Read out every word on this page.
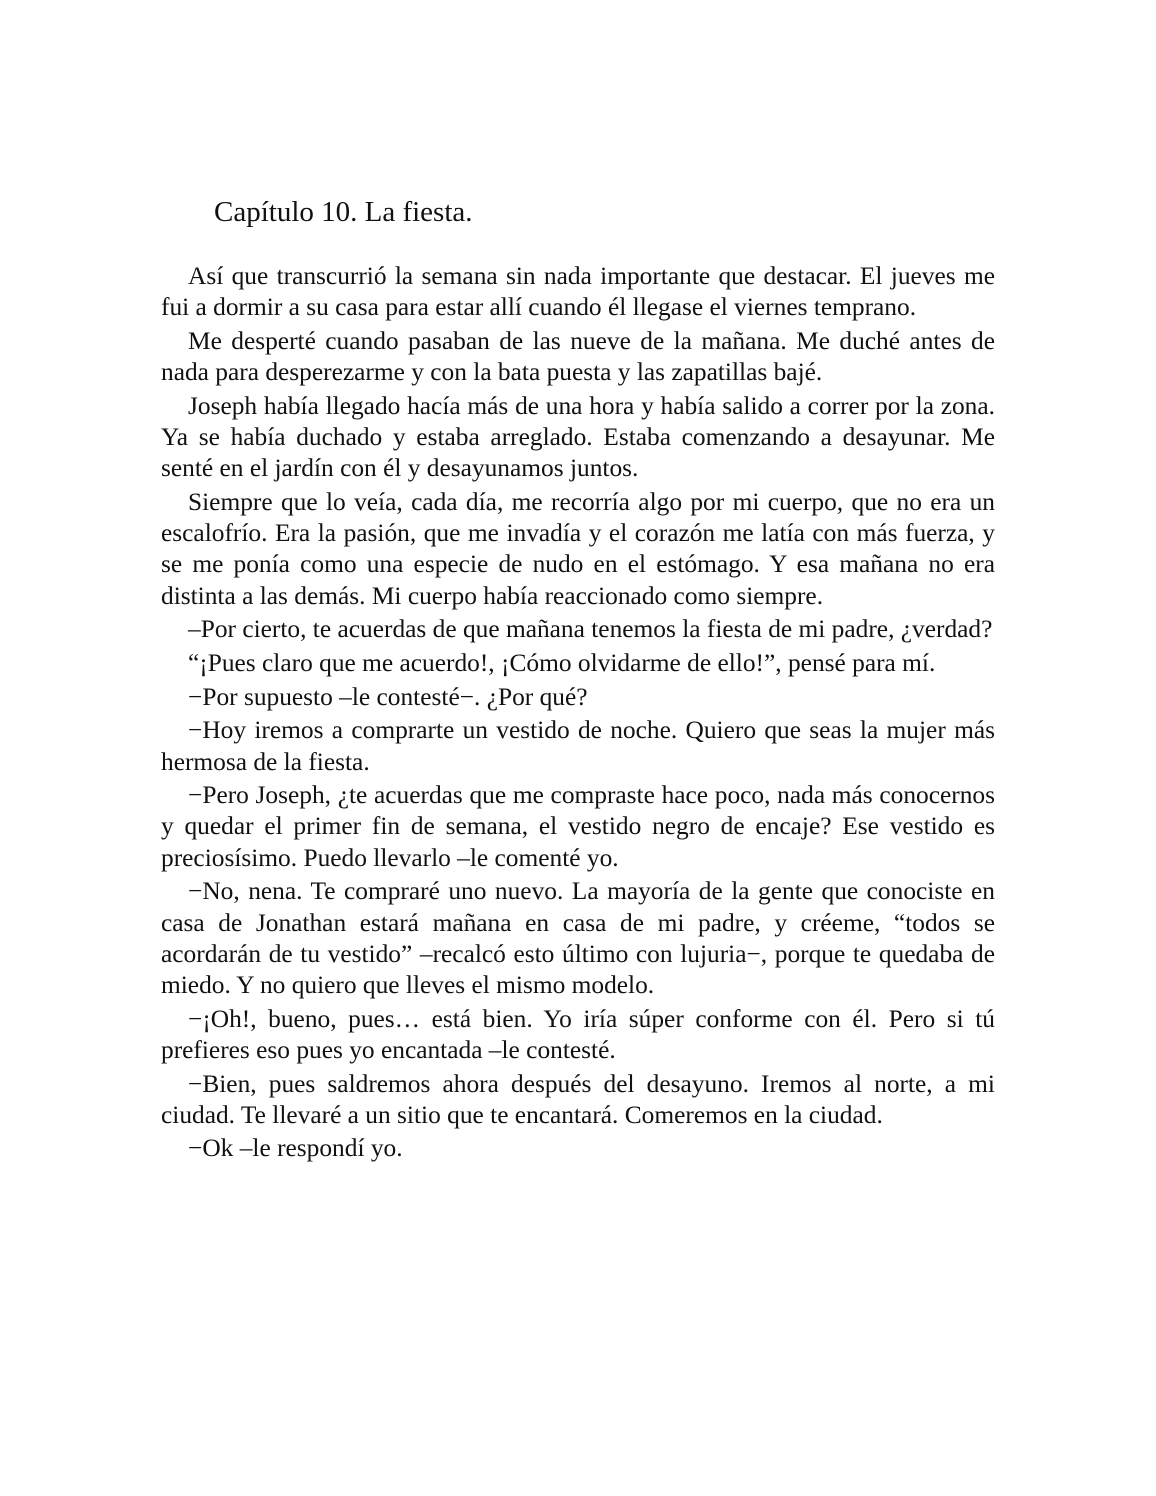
Capítulo 10. La fiesta.

Así que transcurrió la semana sin nada importante que destacar. El jueves me fui a dormir a su casa para estar allí cuando él llegase el viernes temprano.

Me desperté cuando pasaban de las nueve de la mañana. Me duché antes de nada para desperezarme y con la bata puesta y las zapatillas bajé.

Joseph había llegado hacía más de una hora y había salido a correr por la zona. Ya se había duchado y estaba arreglado. Estaba comenzando a desayunar. Me senté en el jardín con él y desayunamos juntos.

Siempre que lo veía, cada día, me recorría algo por mi cuerpo, que no era un escalofrío. Era la pasión, que me invadía y el corazón me latía con más fuerza, y se me ponía como una especie de nudo en el estómago. Y esa mañana no era distinta a las demás. Mi cuerpo había reaccionado como siempre.

–Por cierto, te acuerdas de que mañana tenemos la fiesta de mi padre, ¿verdad?

“¡Pues claro que me acuerdo!, ¡Cómo olvidarme de ello!”, pensé para mí.

−Por supuesto –le contesté−. ¿Por qué?

−Hoy iremos a comprarte un vestido de noche. Quiero que seas la mujer más hermosa de la fiesta.

−Pero Joseph, ¿te acuerdas que me compraste hace poco, nada más conocernos y quedar el primer fin de semana, el vestido negro de encaje? Ese vestido es preciosísimo. Puedo llevarlo –le comenté yo.

−No, nena. Te compraré uno nuevo. La mayoría de la gente que conociste en casa de Jonathan estará mañana en casa de mi padre, y créeme, “todos se acordarán de tu vestido” –recalcó esto último con lujuria−, porque te quedaba de miedo. Y no quiero que lleves el mismo modelo.

−¡Oh!, bueno, pues… está bien. Yo iría súper conforme con él. Pero si tú prefieres eso pues yo encantada –le contesté.

−Bien, pues saldremos ahora después del desayuno. Iremos al norte, a mi ciudad. Te llevaré a un sitio que te encantará. Comeremos en la ciudad.

−Ok –le respondí yo.
